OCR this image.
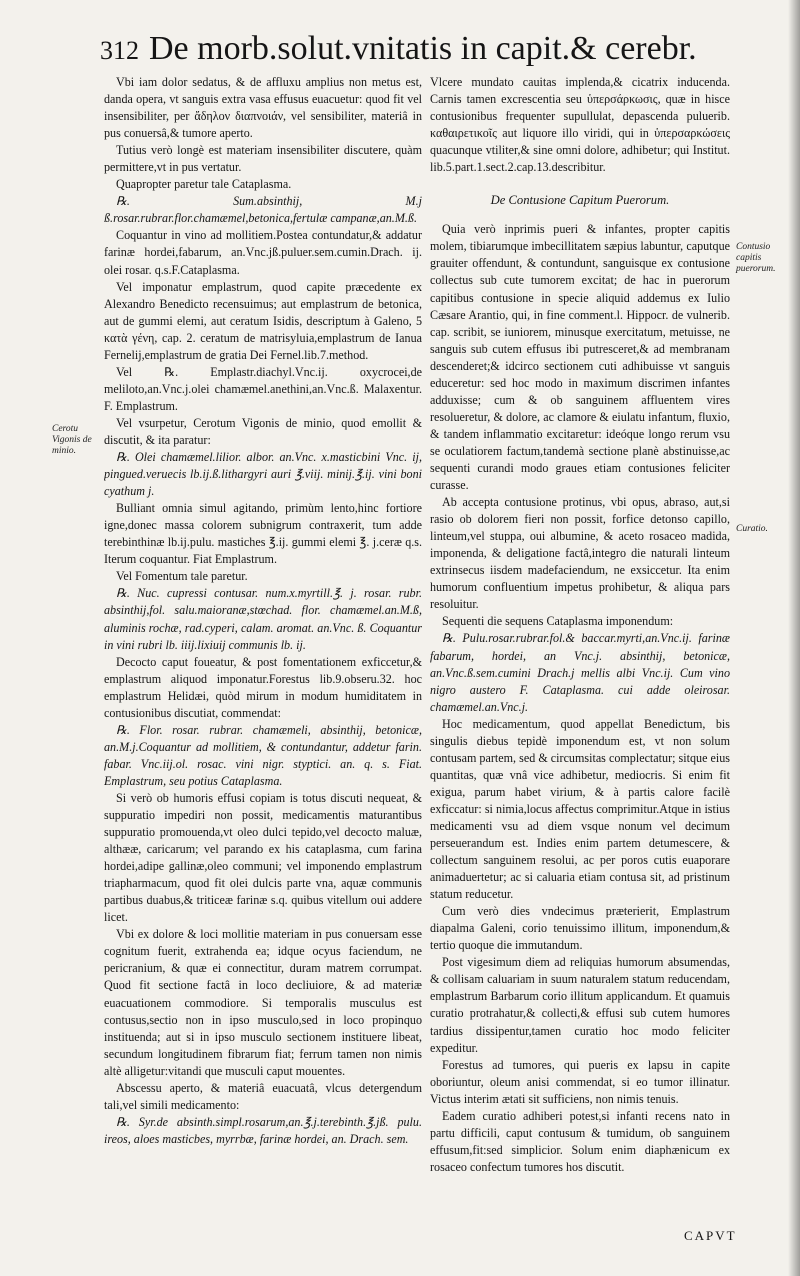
312 De morb.solut.vnitatis in capit.& cerebr.

Vbi iam dolor sedatus, & de affluxu amplius non metus est, danda opera, vt sanguis extra vasa effusus euacuetur: quod fit vel insensibiliter, per ἄδηλον διαπνοιάν, vel sensibiliter, materiâ in pus conuersâ,& tumore aperto.

Tutius verò longè est materiam insensibiliter discutere, quàm permittere,vt in pus vertatur.

Quapropter paretur tale Cataplasma.

℞. Sum.absinthij, M.j ß.rosar.rubrar.flor.chamæmel,betonica,fertulæ campanæ,an.M.ß.

Coquantur in vino ad mollitiem.Postea contundatur,& addatur farinæ hordei,fabarum, an.Vnc.jß.puluer.sem.cumin.Drach. ij. olei rosar. q.s.F.Cataplasma.

Vel imponatur emplastrum, quod capite præcedente ex Alexandro Benedicto recensuimus; aut emplastrum de betonica, aut de gummi elemi, aut ceratum Isidis, descriptum à Galeno, 5 κατὰ γένη, cap. 2. ceratum de matrisyluia,emplastrum de Ianua Fernelij,emplastrum de gratia Dei Fernel.lib.7.method.

Vel ℞. Emplastr.diachyl.Vnc.ij. oxycrocei,de meliloto,an.Vnc.j.olei chamæmel.anethini,an.Vnc.ß. Malaxentur. F. Emplastrum.

Vel vsurpetur, Cerotum Vigonis de minio, quod emollit & discutit, & ita paratur:

℞. Olei chamæmel.lilior. albor. an.Vnc. x.masticbini Vnc. ij, pingued.veruecis lb.ij.ß.lithargyri auri ℥.viij. minij.℥.ij. vini boni cyathum j.

Bulliant omnia simul agitando, primùm lento,hinc fortiore igne,donec massa colorem subnigrum contraxerit, tum adde terebinthinæ lb.ij.pulu. mastiches ℥.ij. gummi elemi ℥. j.ceræ q.s. Iterum coquantur. Fiat Emplastrum.

Vel Fomentum tale paretur.

℞. Nuc. cupressi contusar. num.x.myrtill.℥. j. rosar. rubr. absinthij,fol. salu.maioranæ,stœchad. flor. chamæmel.an.M.ß, aluminis rochæ, rad.cyperi, calam. aromat. an.Vnc. ß. Coquantur in vini rubri lb. iiij.lixiuij communis lb. ij.

Decocto caput foueatur, & post fomentationem exficcetur,& emplastrum aliquod imponatur.Forestus lib.9.obseru.32. hoc emplastrum Helidæi, quòd mirum in modum humiditatem in contusionibus discutiat, commendat:

℞. Flor. rosar. rubrar. chamæmeli, absinthij, betonicæ, an.M.j.Coquantur ad mollitiem, & contundantur, addetur farin. fabar. Vnc.iij.ol. rosac. vini nigr. styptici. an. q. s. Fiat. Emplastrum, seu potius Cataplasma.

Si verò ob humoris effusi copiam is totus discuti nequeat, & suppuratio impediri non possit, medicamentis maturantibus suppuratio promouenda,vt oleo dulci tepido,vel decocto maluæ, althææ, caricarum; vel parando ex his cataplasma, cum farina hordei,adipe gallinæ,oleo communi; vel imponendo emplastrum triapharmacum, quod fit olei dulcis parte vna, aquæ communis partibus duabus,& triticeæ farinæ s.q. quibus vitellum oui addere licet.

Vbi ex dolore & loci mollitie materiam in pus conuersam esse cognitum fuerit, extrahenda ea; idque ocyus faciendum, ne pericranium, & quæ ei connectitur, duram matrem corrumpat. Quod fit sectione factâ in loco decliuiore, & ad materiæ euacuationem commodiore. Si temporalis musculus est contusus,sectio non in ipso musculo,sed in loco propinquo instituenda; aut si in ipso musculo sectionem instituere libeat, secundum longitudinem fibrarum fiat; ferrum tamen non nimis altè alligetur:vitandi que musculi caput mouentes.

Abscessu aperto, & materiâ euacuatâ, vlcus detergendum tali,vel simili medicamento:

℞. Syr.de absinth.simpl.rosarum,an.℥.j.terebinth.℥.jß. pulu. ireos, aloes masticbes, myrrbæ, farinæ hordei, an. Drach. sem.

Vlcere mundato cauitas implenda,& cicatrix inducenda. Carnis tamen excrescentia seu ὑπερσάρκωσις, quæ in hisce contusionibus frequenter supullulat, depascenda puluerib. καθαιρετικοῖς aut liquore illo viridi, qui in ὑπερσαρκώσεις quacunque vtiliter,& sine omni dolore, adhibetur; qui Institut. lib.5.part.1.sect.2.cap.13.describitur.

De Contusione Capitum Puerorum.

Quia verò inprimis pueri & infantes, propter capitis molem, tibiarumque imbecillitatem sæpius labuntur, caputque grauiter offendunt, & contundunt, sanguisque ex contusione collectus sub cute tumorem excitat; de hac in puerorum capitibus contusione in specie aliquid addemus ex Iulio Cæsare Arantio, qui, in fine comment.l. Hippocr. de vulnerib. cap. scribit, se iuniorem, minusque exercitatum, metuisse, ne sanguis sub cutem effusus ibi putresceret,& ad membranam descenderet;& idcirco sectionem cuti adhibuisse vt sanguis educeretur: sed hoc modo in maximum discrimen infantes adduxisse; cum & ob sanguinem affluentem vires resolueretur, & dolore, ac clamore & eiulatu infantum, fluxio, & tandem inflammatio excitaretur: ideóque longo rerum vsu se oculatiorem factum,tandemà sectione planè abstinuisse,ac sequenti curandi modo graues etiam contusiones feliciter curasse.

Ab accepta contusione protinus, vbi opus, abraso, aut,si rasio ob dolorem fieri non possit, forfice detonso capillo, linteum,vel stuppa, oui albumine, & aceto rosaceo madida, imponenda, & deligatione factâ,integro die naturali linteum extrinsecus iisdem madefaciendum, ne exsiccetur. Ita enim humorum confluentium impetus prohibetur, & aliqua pars resoluitur.

Sequenti die sequens Cataplasma imponendum:

℞. Pulu.rosar.rubrar.fol.& baccar.myrti,an.Vnc.ij. farinæ fabarum, hordei, an Vnc.j. absinthij, betonicæ, an.Vnc.ß.sem.cumini Drach.j mellis albi Vnc.ij. Cum vino nigro austero F. Cataplasma. cui adde oleirosar. chamæmel.an.Vnc.j.

Hoc medicamentum, quod appellat Benedictum, bis singulis diebus tepidè imponendum est, vt non solum contusam partem, sed & circumsitas complectatur; sitque eius quantitas, quæ vnâ vice adhibetur, mediocris. Si enim fit exigua, parum habet virium, & à partis calore facilè exficcatur: si nimia,locus affectus comprimitur.Atque in istius medicamenti vsu ad diem vsque nonum vel decimum perseuerandum est. Indies enim partem detumescere, & collectum sanguinem resolui, ac per poros cutis euaporare animaduertetur; ac si caluaria etiam contusa sit, ad pristinum statum reducetur.

Cum verò dies vndecimus præterierit, Emplastrum diapalma Galeni, corio tenuissimo illitum, imponendum,& tertio quoque die immutandum.

Post vigesimum diem ad reliquias humorum absumendas, & collisam caluariam in suum naturalem statum reducendam, emplastrum Barbarum corio illitum applicandum. Et quamuis curatio protrahatur,& collecti,& effusi sub cutem humores tardius dissipentur,tamen curatio hoc modo feliciter expeditur.

Forestus ad tumores, qui pueris ex lapsu in capite oboriuntur, oleum anisi commendat, si eo tumor illinatur. Victus interim ætati sit sufficiens, non nimis tenuis.

Eadem curatio adhiberi potest,si infanti recens nato in partu difficili, caput contusum & tumidum, ob sanguinem effusum,fit:sed simplicior. Solum enim diaphænicum ex rosaceo confectum tumores hos discutit.

Cerotu Vigonis de minio.
Contusio capitis puerorum.
Curatio.
CAPVT
